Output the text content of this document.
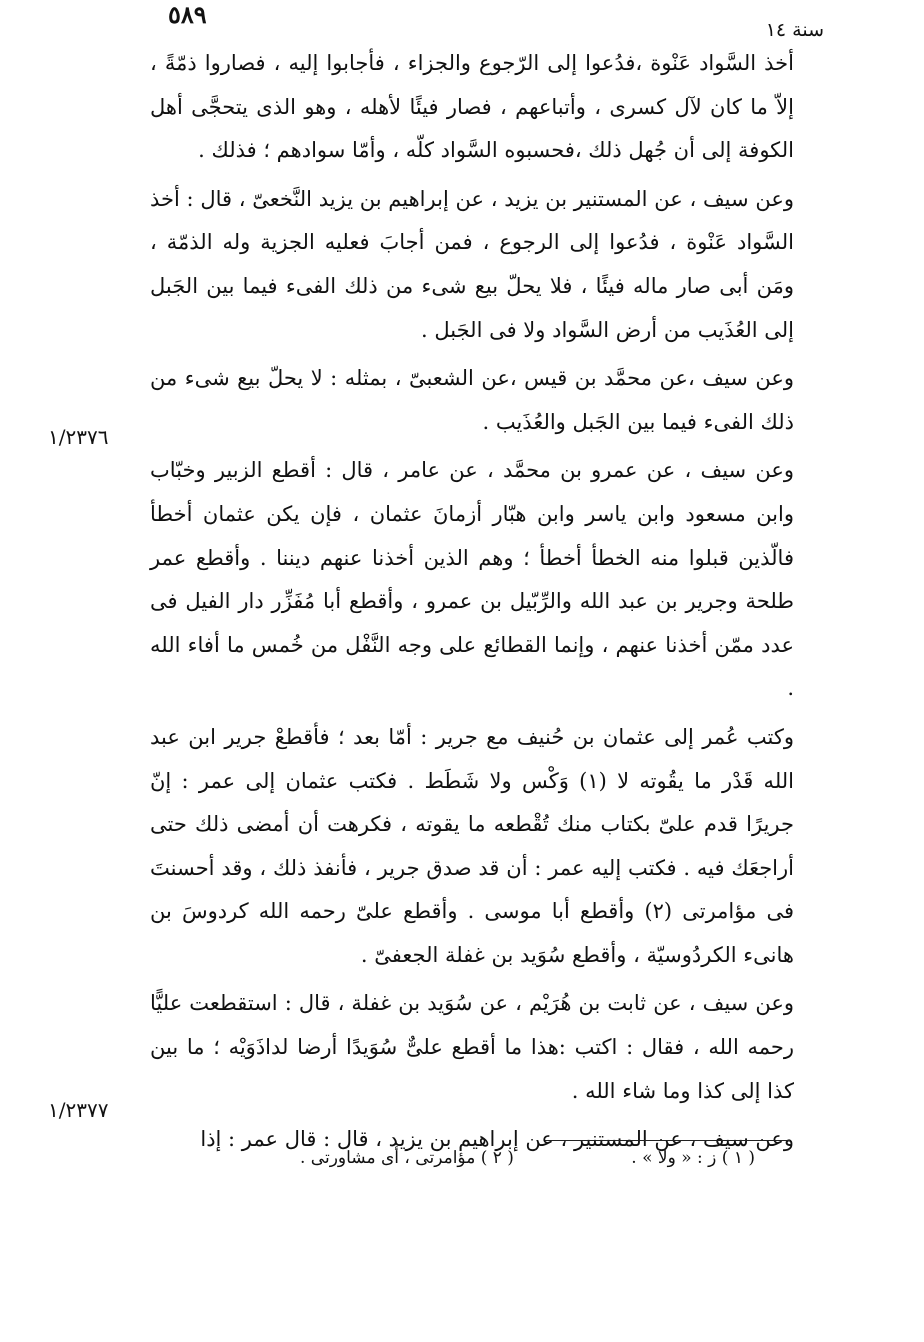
٥٨٩
سنة ١٤

أخذ السَّواد عَنْوة ،فدُعوا إلى الرّجوع والجزاء ، فأجابوا إليه ، فصاروا ذمّةً ، إلاّ ما كان لآل كسرى ، وأتباعهم ، فصار فيئًا لأهله ، وهو الذى يتحجَّى أهل الكوفة إلى أن جُهل ذلك ،فحسبوه السَّواد كلّه ، وأمّا سوادهم ؛ فذلك .

وعن سيف ، عن المستنير بن يزيد ، عن إبراهيم بن يزيد النَّخعىّ ، قال : أخذ السَّواد عَنْوة ، فدُعوا إلى الرجوع ، فمن أجابَ فعليه الجزية وله الذمّة ، ومَن أبى صار ماله فيئًا ، فلا يحلّ بيع شىء من ذلك الفىء فيما بين الجَبل إلى العُذَيب من أرض السَّواد ولا فى الجَبل .

وعن سيف ،عن محمَّد بن قيس ،عن الشعبىّ ، بمثله : لا يحلّ بيع شىء من ذلك الفىء فيما بين الجَبل والعُذَيب .

وعن سيف ، عن عمرو بن محمَّد ، عن عامر ، قال : أقطع الزبير وخبّاب وابن مسعود وابن ياسر وابن هبّار أزمانَ عثمان ، فإن يكن عثمان أخطأ فالّذين قبلوا منه الخطأ أخطأ ؛ وهم الذين أخذنا عنهم ديننا . وأقطع عمر طلحة وجرير بن عبد الله والرِّبّيل بن عمرو ، وأقطع أبا مُفَزِّر دار الفيل فى عدد ممّن أخذنا عنهم ، وإنما القطائع على وجه النَّفْل من خُمس ما أفاء الله .

وكتب عُمر إلى عثمان بن حُنيف مع جرير : أمّا بعد ؛ فأقطعْ جرير ابن عبد الله قَدْر ما يقُوته لا (١) وَكْس ولا شَطَط . فكتب عثمان إلى عمر : إنّ جريرًا قدم علىّ بكتاب منك تُقْطعه ما يقوته ، فكرهت أن أمضى ذلك حتى أراجعَك فيه . فكتب إليه عمر : أن قد صدق جرير ، فأنفذ ذلك ، وقد أحسنتَ فى مؤامرتى (٢) وأقطع أبا موسى . وأقطع علىّ رحمه الله كردوسَ بن هانىء الكردُوسيّة ، وأقطع سُوَيد بن غفلة الجعفىّ .

وعن سيف ، عن ثابت بن هُرَيْم ، عن سُوَيد بن غفلة ، قال : استقطعت عليًّا رحمه الله ، فقال : اكتب :هذا ما أقطع علىٌّ سُوَيدًا أرضا لداذَوَيْه ؛ ما بين كذا إلى كذا وما شاء الله .

وعن سيف ، عن المستنير ، عن إبراهيم بن يزيد ، قال : قال عمر : إذا

١/٢٣٧٦
١/٢٣٧٧
( ١ ) ز : « ولا » .
( ٢ ) مؤامرتى ، أى مشاورتى .
